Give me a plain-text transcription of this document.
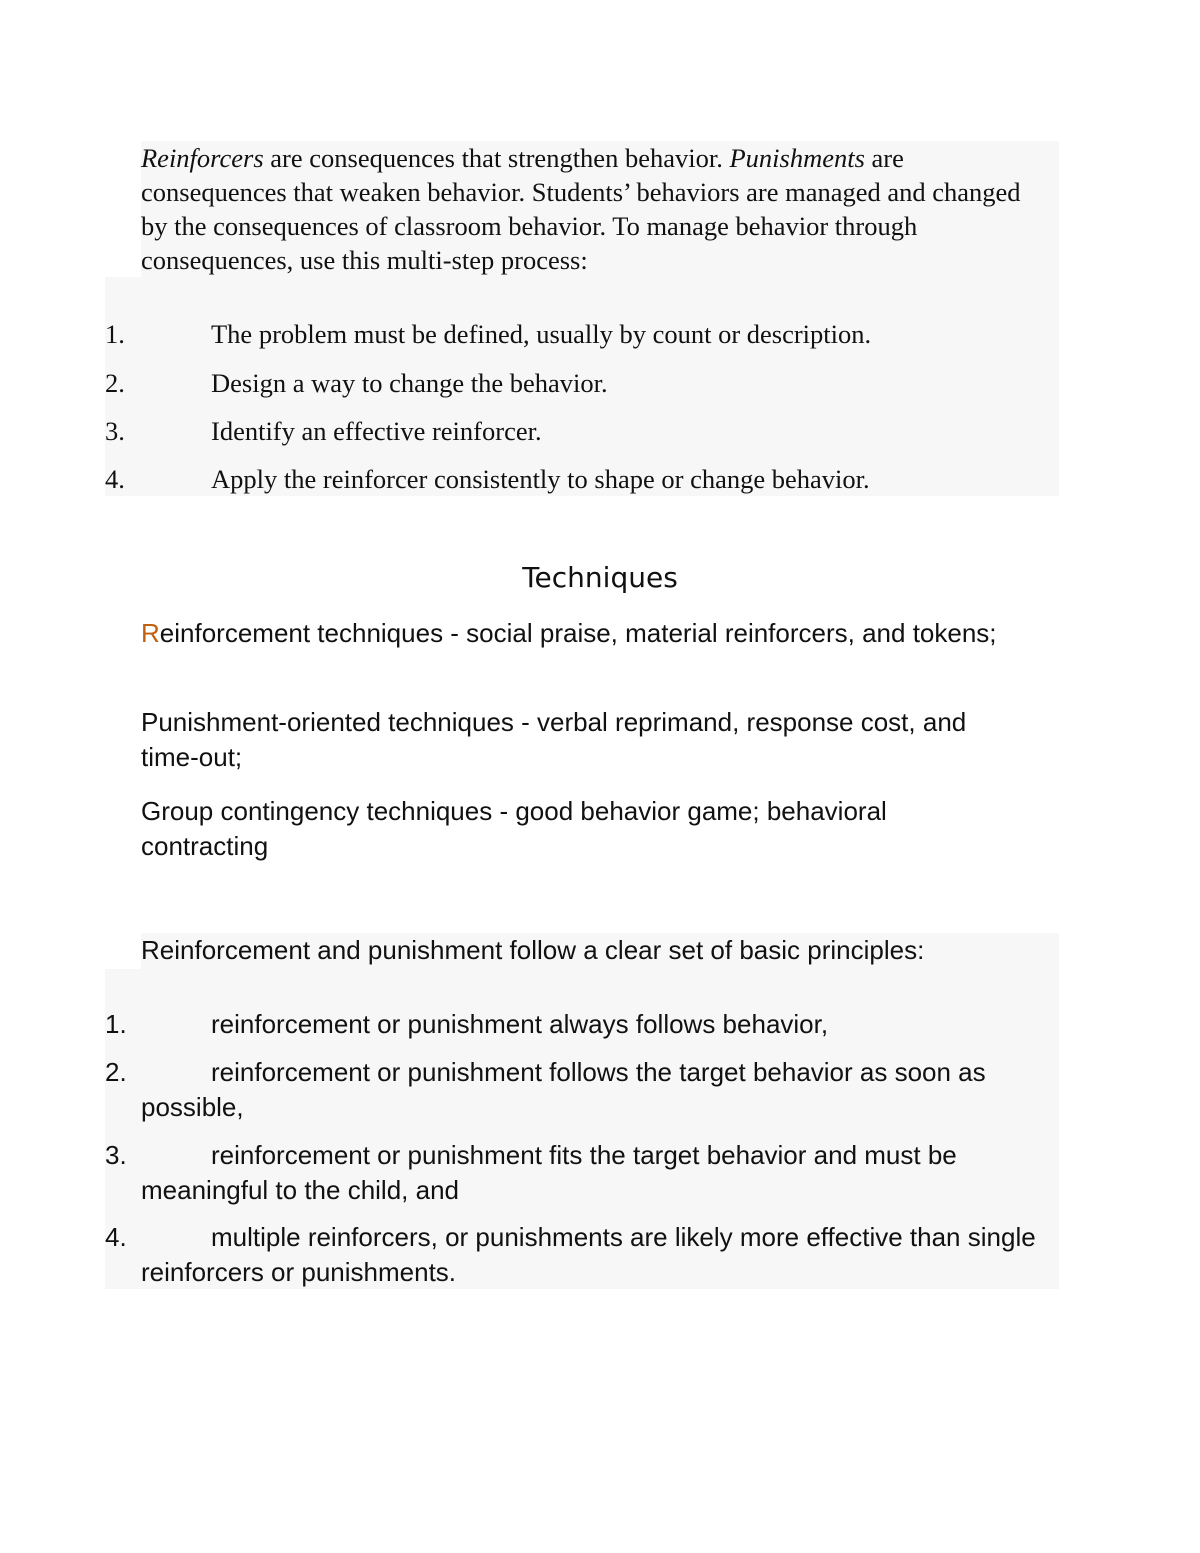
Reinforcers are consequences that strengthen behavior. Punishments are consequences that weaken behavior. Students’ behaviors are managed and changed by the consequences of classroom behavior. To manage behavior through consequences, use this multi-step process:
1.	The problem must be defined, usually by count or description.
2.	Design a way to change the behavior.
3.	Identify an effective reinforcer.
4.	Apply the reinforcer consistently to shape or change behavior.
Techniques
Reinforcement techniques - social praise, material reinforcers, and tokens;
Punishment-oriented techniques - verbal reprimand, response cost, and time-out;
Group contingency techniques - good behavior game; behavioral contracting
Reinforcement and punishment follow a clear set of basic principles:
1.	reinforcement or punishment always follows behavior,
2.	reinforcement or punishment follows the target behavior as soon as possible,
3.	reinforcement or punishment fits the target behavior and must be meaningful to the child, and
4.	multiple reinforcers, or punishments are likely more effective than single reinforcers or punishments.
